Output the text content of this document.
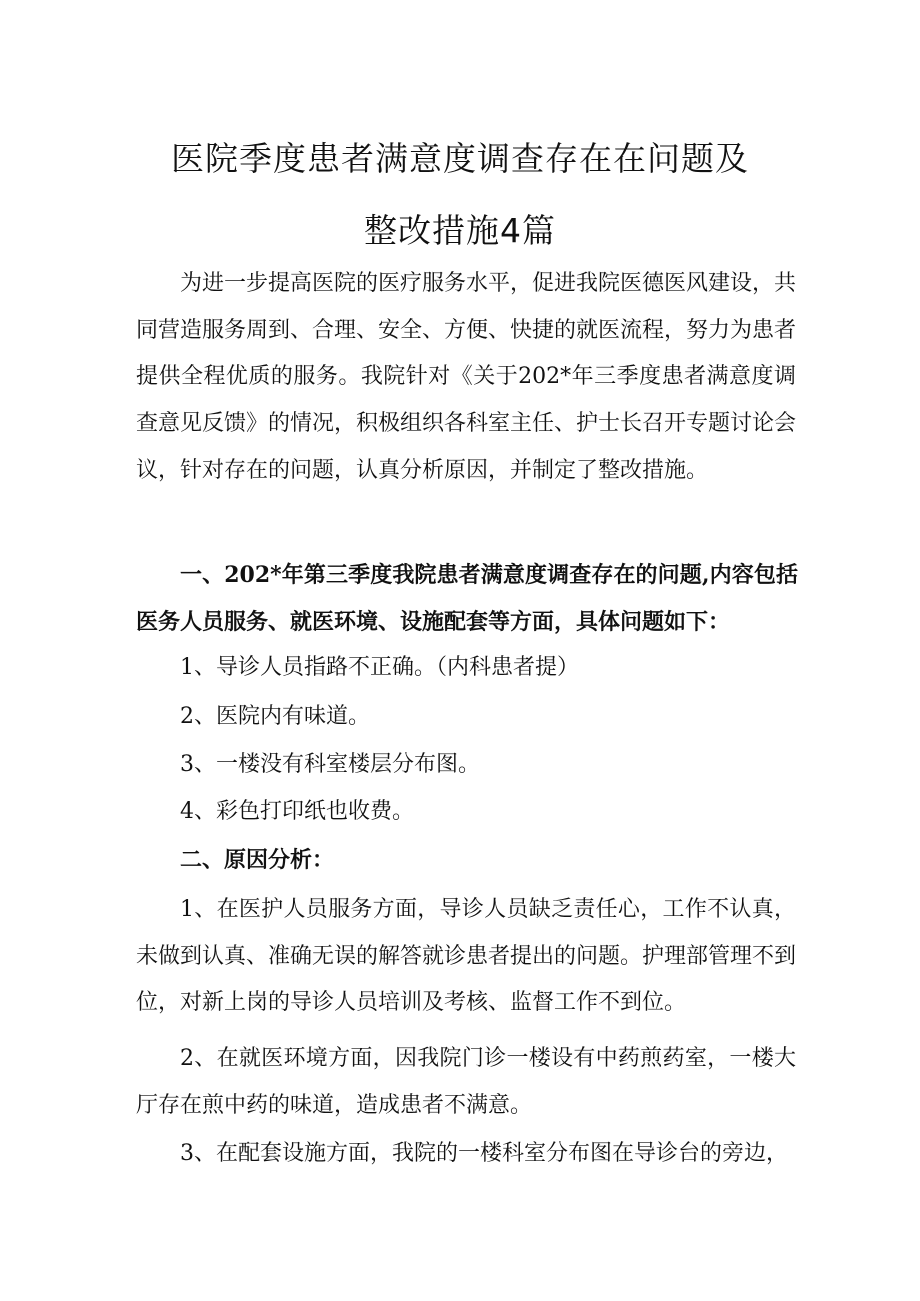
医院季度患者满意度调查存在在问题及
整改措施4篇

为进一步提高医院的医疗服务水平，促进我院医德医风建设，共同营造服务周到、合理、安全、方便、快捷的就医流程，努力为患者提供全程优质的服务。我院针对《关于202*年三季度患者满意度调查意见反馈》的情况，积极组织各科室主任、护士长召开专题讨论会议，针对存在的问题，认真分析原因，并制定了整改措施。

一、202*年第三季度我院患者满意度调查存在的问题,内容包括医务人员服务、就医环境、设施配套等方面，具体问题如下：

1、导诊人员指路不正确。（内科患者提）

2、医院内有味道。

3、一楼没有科室楼层分布图。

4、彩色打印纸也收费。

二、原因分析：

1、在医护人员服务方面，导诊人员缺乏责任心，工作不认真，未做到认真、准确无误的解答就诊患者提出的问题。护理部管理不到位，对新上岗的导诊人员培训及考核、监督工作不到位。

2、在就医环境方面，因我院门诊一楼设有中药煎药室，一楼大厅存在煎中药的味道，造成患者不满意。

3、在配套设施方面，我院的一楼科室分布图在导诊台的旁边，
